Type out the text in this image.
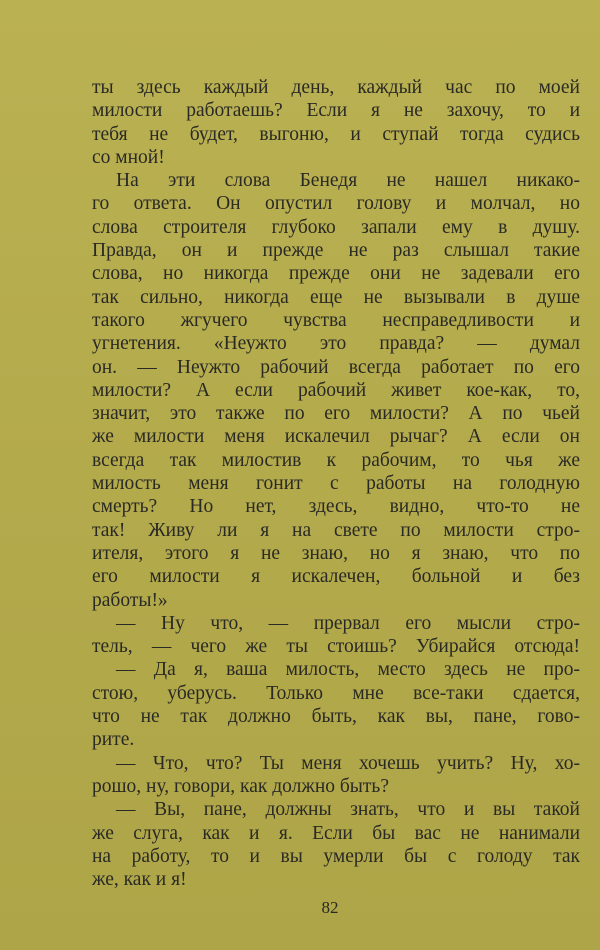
ты здесь каждый день, каждый час по моей
милости работаешь? Если я не захочу, то и
тебя не будет, выгоню, и ступай тогда судись
со мной!
На эти слова Бенедя не нашел никако-
го ответа. Он опустил голову и молчал, но
слова строителя глубоко запали ему в душу.
Правда, он и прежде не раз слышал такие
слова, но никогда прежде они не задевали его
так сильно, никогда еще не вызывали в душе
такого жгучего чувства несправедливости и
угнетения. «Неужто это правда? — думал
он. — Неужто рабочий всегда работает по его
милости? А если рабочий живет кое-как, то,
значит, это также по его милости? А по чьей
же милости меня искалечил рычаг? А если он
всегда так милостив к рабочим, то чья же
милость меня гонит с работы на голодную
смерть? Но нет, здесь, видно, что-то не
так! Живу ли я на свете по милости стро-
ителя, этого я не знаю, но я знаю, что по
его милости я искалечен, больной и без
работы!»
— Ну что, — прервал его мысли стро-
тель, — чего же ты стоишь? Убирайся отсюда!
— Да я, ваша милость, место здесь не про-
стою, уберусь. Только мне все-таки сдается,
что не так должно быть, как вы, пане, гово-
рите.
— Что, что? Ты меня хочешь учить? Ну, хо-
рошо, ну, говори, как должно быть?
— Вы, пане, должны знать, что и вы такой
же слуга, как и я. Если бы вас не нанимали
на работу, то и вы умерли бы с голоду так
же, как и я!
82
